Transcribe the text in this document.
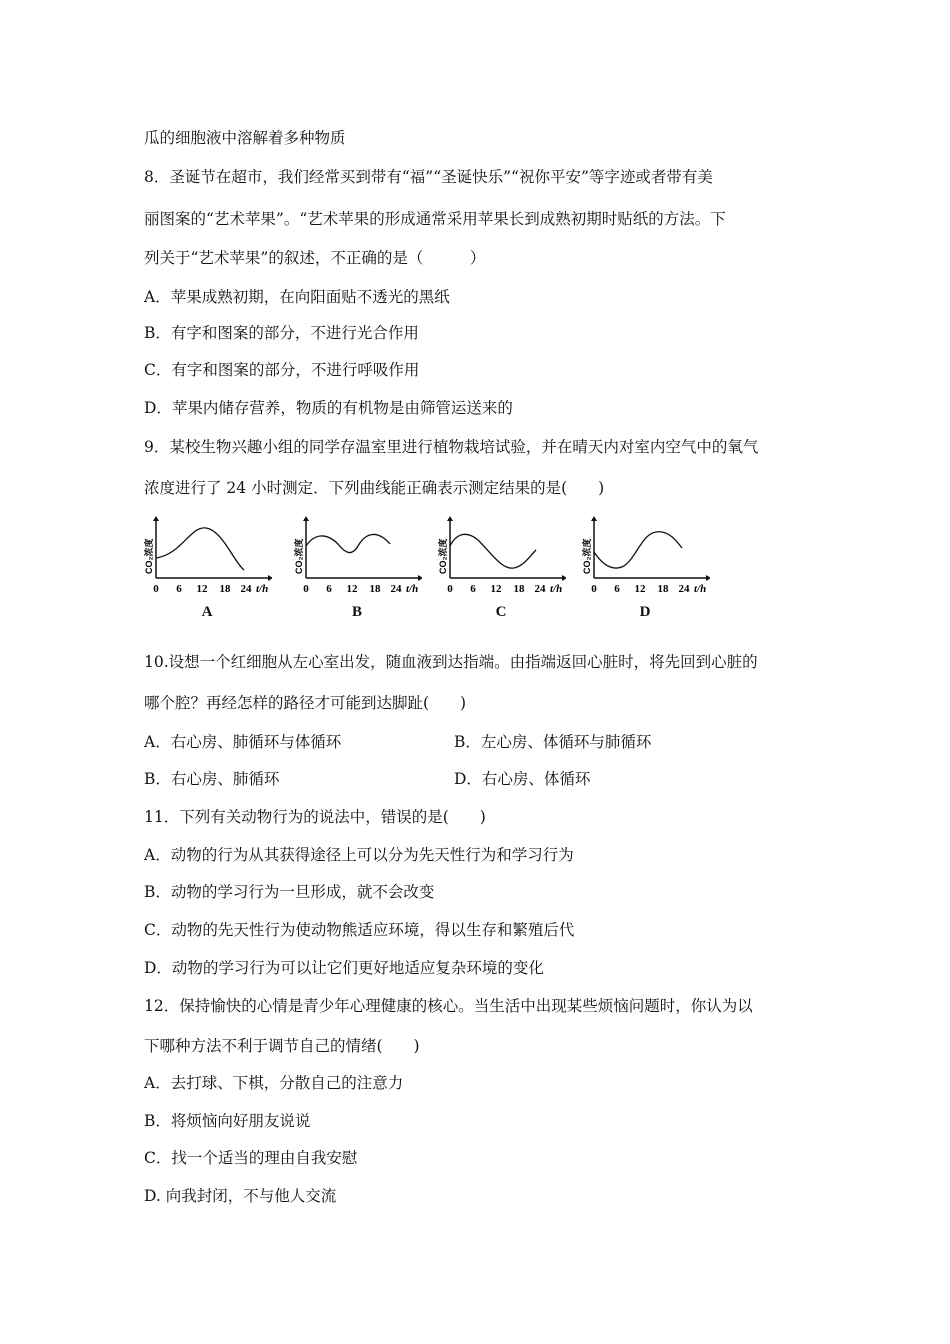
瓜的细胞液中溶解着多种物质
8．圣诞节在超市，我们经常买到带有“福”“圣诞快乐”“祝你平安”等字迹或者带有美
丽图案的“艺术苹果”。“艺术苹果的形成通常采用苹果长到成熟初期时贴纸的方法。下
列关于“艺术苹果”的叙述，不正确的是（　　　）
A．苹果成熟初期，在向阳面贴不透光的黑纸
B．有字和图案的部分，不进行光合作用
C．有字和图案的部分，不进行呼吸作用
D．苹果内储存营养，物质的有机物是由筛管运送来的
9．某校生物兴趣小组的同学存温室里进行植物栽培试验，并在晴天内对室内空气中的氧气
浓度进行了 24 小时测定．下列曲线能正确表示测定结果的是(　　)
CO₂浓度
0 6 12 18 24 t/h
A
CO₂浓度
0 6 12 18 24 t/h
B
CO₂浓度
0 6 12 18 24 t/h
C
CO₂浓度
0 6 12 18 24 t/h
D
10.设想一个红细胞从左心室出发，随血液到达指端。由指端返回心脏时，将先回到心脏的
哪个腔？再经怎样的路径才可能到达脚趾(　　)
A．右心房、肺循环与体循环	B．左心房、体循环与肺循环
B．右心房、肺循环	D．右心房、体循环
11．下列有关动物行为的说法中，错误的是(　　)
A．动物的行为从其获得途径上可以分为先天性行为和学习行为
B．动物的学习行为一旦形成，就不会改变
C．动物的先天性行为使动物熊适应环境，得以生存和繁殖后代
D．动物的学习行为可以让它们更好地适应复杂环境的变化
12．保持愉快的心情是青少年心理健康的核心。当生活中出现某些烦恼问题时，你认为以
下哪种方法不利于调节自己的情绪(　　)
A．去打球、下棋，分散自己的注意力
B．将烦恼向好朋友说说
C．找一个适当的理由自我安慰
D. 向我封闭，不与他人交流
